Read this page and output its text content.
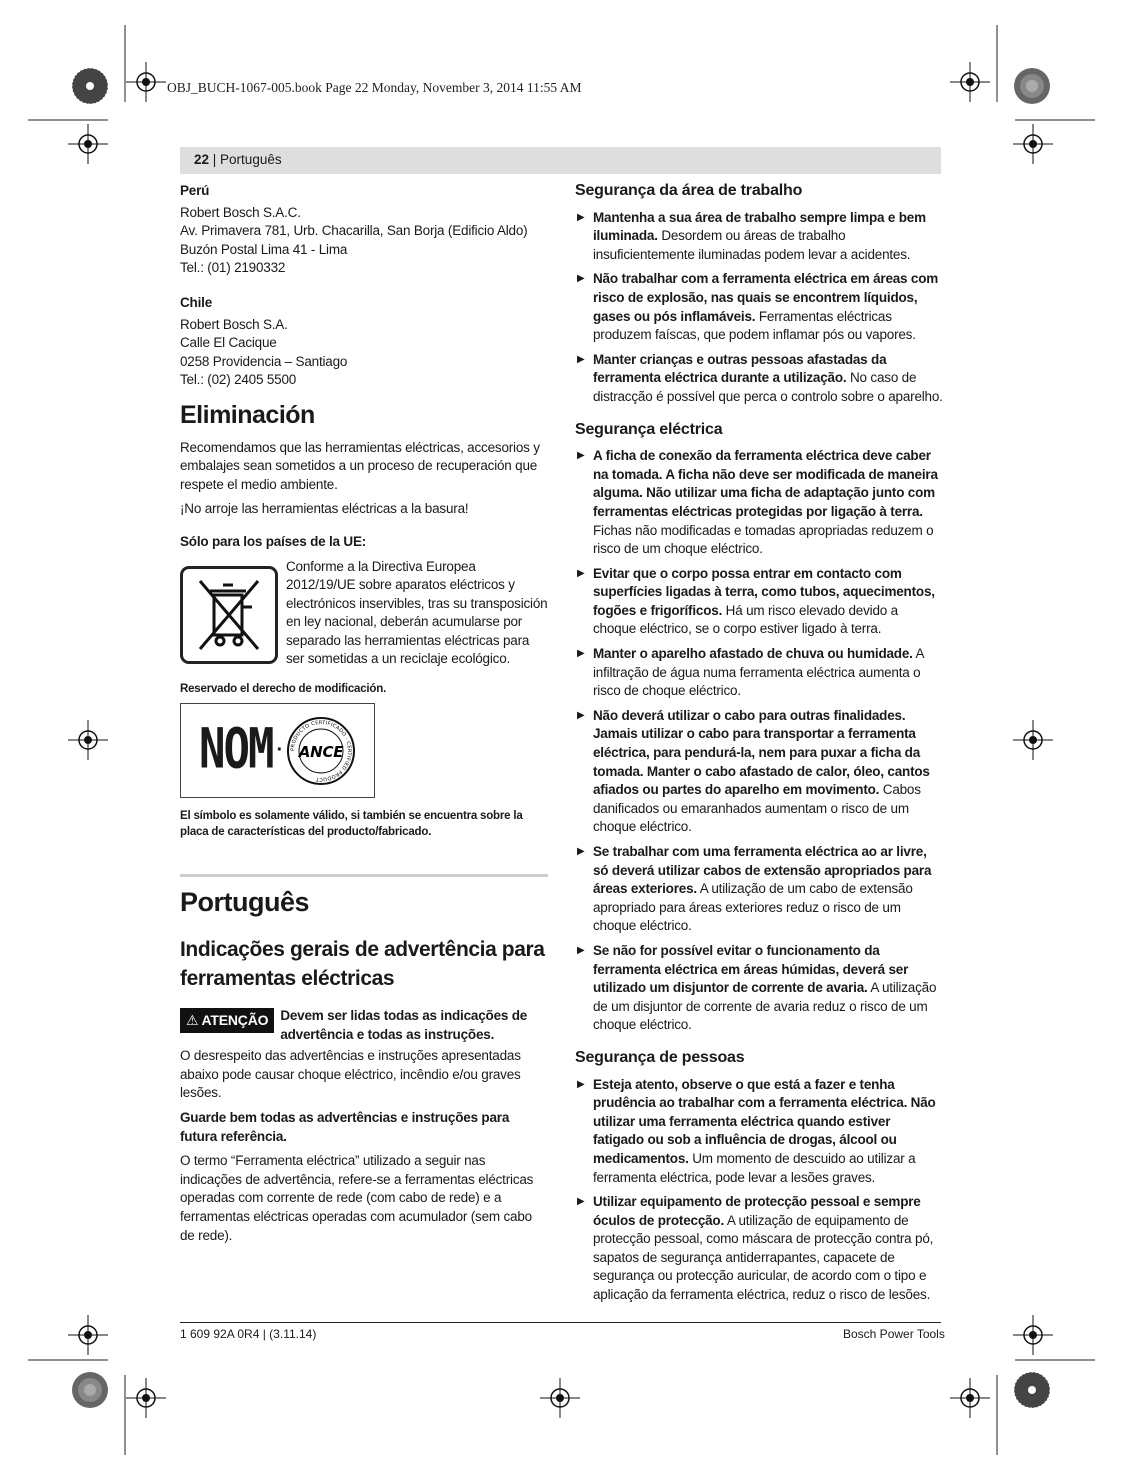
OBJ_BUCH-1067-005.book Page 22 Monday, November 3, 2014 11:55 AM
22 | Português
Perú

Robert Bosch S.A.C.

Av. Primavera 781, Urb. Chacarilla, San Borja (Edificio Aldo)

Buzón Postal Lima 41 - Lima

Tel.: (01) 2190332

Chile

Robert Bosch S.A.

Calle El Cacique

0258 Providencia – Santiago

Tel.: (02) 2405 5500

Eliminación

Recomendamos que las herramientas eléctricas, accesorios y embalajes sean sometidos a un proceso de recuperación que respete el medio ambiente.

¡No arroje las herramientas eléctricas a la basura!

Sólo para los países de la UE:

Conforme a la Directiva Europea 2012/19/UE sobre aparatos eléctricos y electrónicos inservibles, tras su transposición en ley nacional, deberán acumularse por separado las herramientas eléctricas para ser sometidas a un reciclaje ecológico.

Reservado el derecho de modificación.

NOM · PRODUCTO CERTIFICADO · CERTIFIED PRODUCT
ANCE

El símbolo es solamente válido, si también se encuentra sobre la placa de características del producto/fabricado.

Português
Indicações gerais de advertência para ferramentas eléctricas
⚠ ATENÇÃO Devem ser lidas todas as indicações de advertência e todas as instruções.

O desrespeito das advertências e instruções apresentadas abaixo pode causar choque eléctrico, incêndio e/ou graves lesões.

Guarde bem todas as advertências e instruções para futura referência.

O termo “Ferramenta eléctrica” utilizado a seguir nas indicações de advertência, refere-se a ferramentas eléctricas operadas com corrente de rede (com cabo de rede) e a ferramentas eléctricas operadas com acumulador (sem cabo de rede).

Segurança da área de trabalho
▶ Mantenha a sua área de trabalho sempre limpa e bem iluminada. Desordem ou áreas de trabalho insuficientemente iluminadas podem levar a acidentes.
▶ Não trabalhar com a ferramenta eléctrica em áreas com risco de explosão, nas quais se encontrem líquidos, gases ou pós inflamáveis. Ferramentas eléctricas produzem faíscas, que podem inflamar pós ou vapores.
▶ Manter crianças e outras pessoas afastadas da ferramenta eléctrica durante a utilização. No caso de distracção é possível que perca o controlo sobre o aparelho.
Segurança eléctrica
▶ A ficha de conexão da ferramenta eléctrica deve caber na tomada. A ficha não deve ser modificada de maneira alguma. Não utilizar uma ficha de adaptação junto com ferramentas eléctricas protegidas por ligação à terra. Fichas não modificadas e tomadas apropriadas reduzem o risco de um choque eléctrico.
▶ Evitar que o corpo possa entrar em contacto com superfícies ligadas à terra, como tubos, aquecimentos, fogões e frigoríficos. Há um risco elevado devido a choque eléctrico, se o corpo estiver ligado à terra.
▶ Manter o aparelho afastado de chuva ou humidade. A infiltração de água numa ferramenta eléctrica aumenta o risco de choque eléctrico.
▶ Não deverá utilizar o cabo para outras finalidades. Jamais utilizar o cabo para transportar a ferramenta eléctrica, para pendurá-la, nem para puxar a ficha da tomada. Manter o cabo afastado de calor, óleo, cantos afiados ou partes do aparelho em movimento. Cabos danificados ou emaranhados aumentam o risco de um choque eléctrico.
▶ Se trabalhar com uma ferramenta eléctrica ao ar livre, só deverá utilizar cabos de extensão apropriados para áreas exteriores. A utilização de um cabo de extensão apropriado para áreas exteriores reduz o risco de um choque eléctrico.
▶ Se não for possível evitar o funcionamento da ferramenta eléctrica em áreas húmidas, deverá ser utilizado um disjuntor de corrente de avaria. A utilização de um disjuntor de corrente de avaria reduz o risco de um choque eléctrico.
Segurança de pessoas
▶ Esteja atento, observe o que está a fazer e tenha prudência ao trabalhar com a ferramenta eléctrica. Não utilizar uma ferramenta eléctrica quando estiver fatigado ou sob a influência de drogas, álcool ou medicamentos. Um momento de descuido ao utilizar a ferramenta eléctrica, pode levar a lesões graves.
▶ Utilizar equipamento de protecção pessoal e sempre óculos de protecção. A utilização de equipamento de protecção pessoal, como máscara de protecção contra pó, sapatos de segurança antiderrapantes, capacete de segurança ou protecção auricular, de acordo com o tipo e aplicação da ferramenta eléctrica, reduz o risco de lesões.
1 609 92A 0R4 | (3.11.14)	Bosch Power Tools
